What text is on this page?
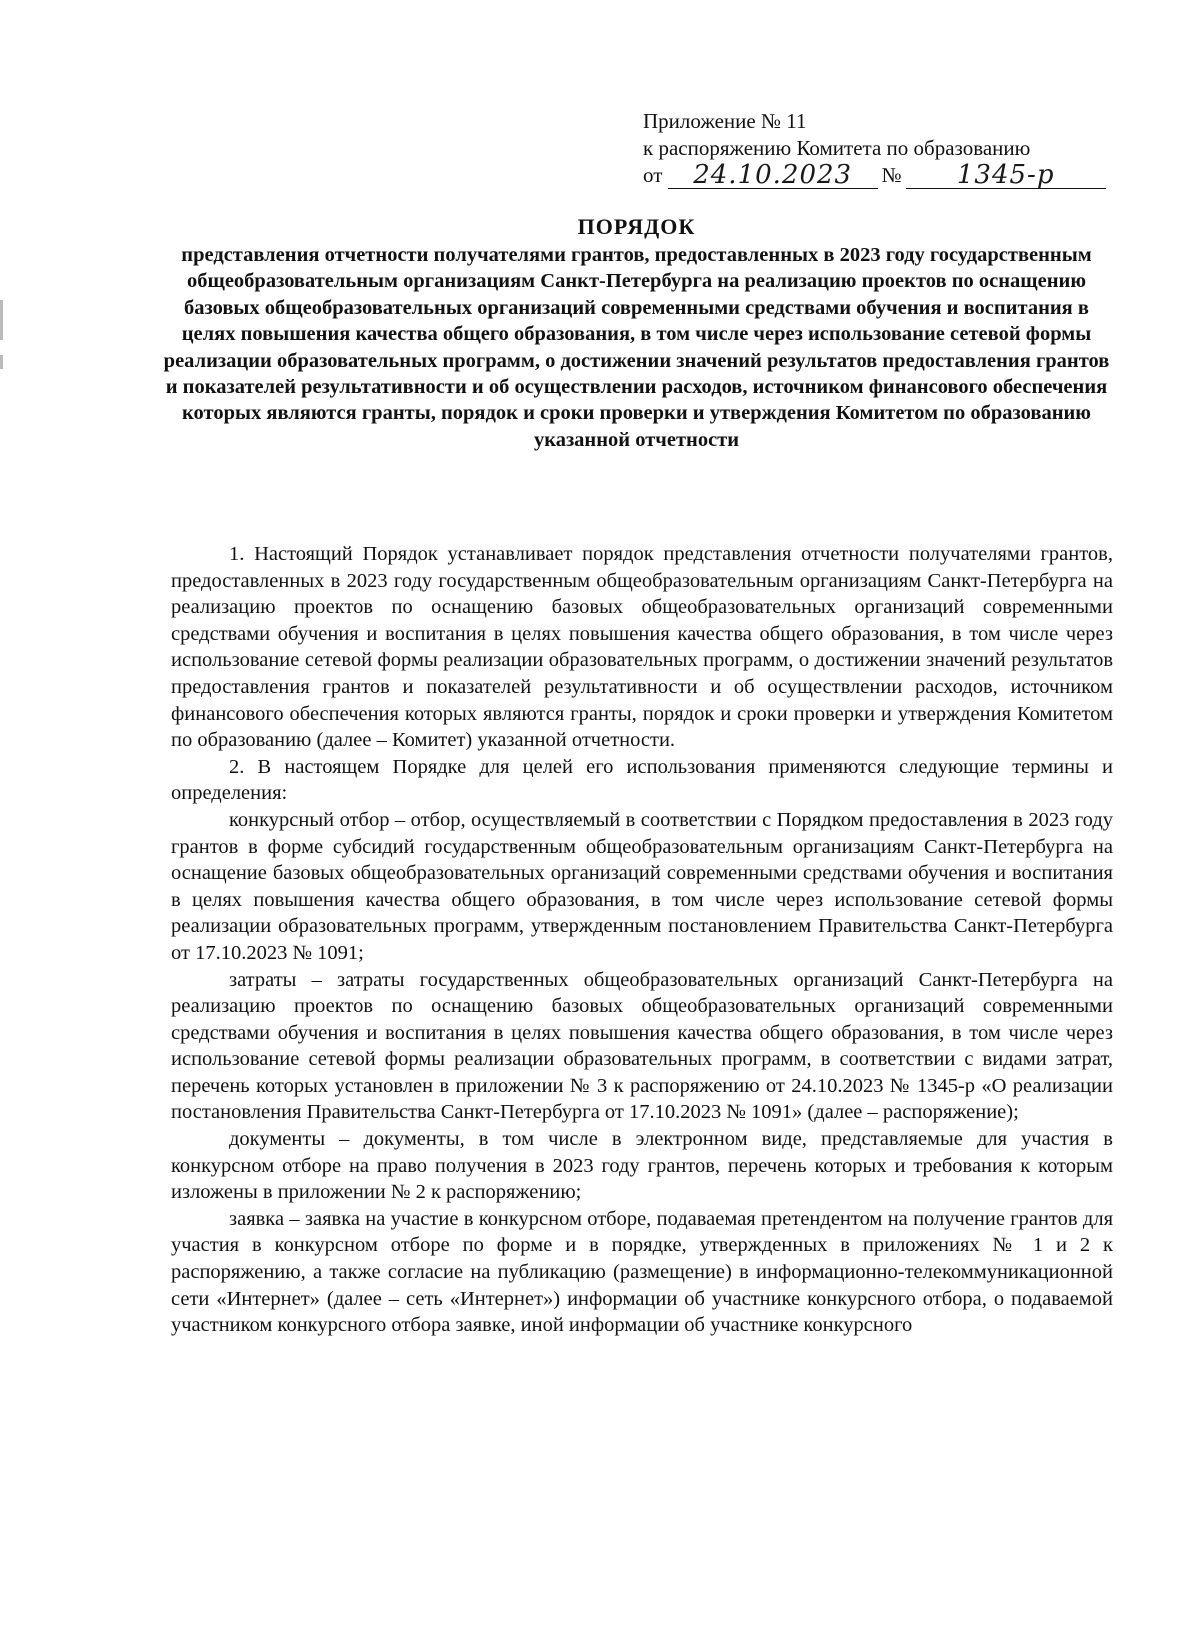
Приложение № 11
к распоряжению Комитета по образованию
от 24.10.2023 № 1345-р
ПОРЯДОК
представления отчетности получателями грантов, предоставленных в 2023 году государственным общеобразовательным организациям Санкт-Петербурга на реализацию проектов по оснащению базовых общеобразовательных организаций современными средствами обучения и воспитания в целях повышения качества общего образования, в том числе через использование сетевой формы реализации образовательных программ, о достижении значений результатов предоставления грантов и показателей результативности и об осуществлении расходов, источником финансового обеспечения которых являются гранты, порядок и сроки проверки и утверждения Комитетом по образованию указанной отчетности

1. Настоящий Порядок устанавливает порядок представления отчетности получателями грантов, предоставленных в 2023 году государственным общеобразовательным организациям Санкт-Петербурга на реализацию проектов по оснащению базовых общеобразовательных организаций современными средствами обучения и воспитания в целях повышения качества общего образования, в том числе через использование сетевой формы реализации образовательных программ, о достижении значений результатов предоставления грантов и показателей результативности и об осуществлении расходов, источником финансового обеспечения которых являются гранты, порядок и сроки проверки и утверждения Комитетом по образованию (далее – Комитет) указанной отчетности.

2. В настоящем Порядке для целей его использования применяются следующие термины и определения:

конкурсный отбор – отбор, осуществляемый в соответствии с Порядком предоставления в 2023 году грантов в форме субсидий государственным общеобразовательным организациям Санкт-Петербурга на оснащение базовых общеобразовательных организаций современными средствами обучения и воспитания в целях повышения качества общего образования, в том числе через использование сетевой формы реализации образовательных программ, утвержденным постановлением Правительства Санкт-Петербурга от 17.10.2023 № 1091;

затраты – затраты государственных общеобразовательных организаций Санкт-Петербурга на реализацию проектов по оснащению базовых общеобразовательных организаций современными средствами обучения и воспитания в целях повышения качества общего образования, в том числе через использование сетевой формы реализации образовательных программ, в соответствии с видами затрат, перечень которых установлен в приложении № 3 к распоряжению от 24.10.2023 № 1345-р «О реализации постановления Правительства Санкт-Петербурга от 17.10.2023 № 1091» (далее – распоряжение);

документы – документы, в том числе в электронном виде, представляемые для участия в конкурсном отборе на право получения в 2023 году грантов, перечень которых и требования к которым изложены в приложении № 2 к распоряжению;

заявка – заявка на участие в конкурсном отборе, подаваемая претендентом на получение грантов для участия в конкурсном отборе по форме и в порядке, утвержденных в приложениях № 1 и 2 к распоряжению, а также согласие на публикацию (размещение) в информационно-телекоммуникационной сети «Интернет» (далее – сеть «Интернет») информации об участнике конкурсного отбора, о подаваемой участником конкурсного отбора заявке, иной информации об участнике конкурсного
